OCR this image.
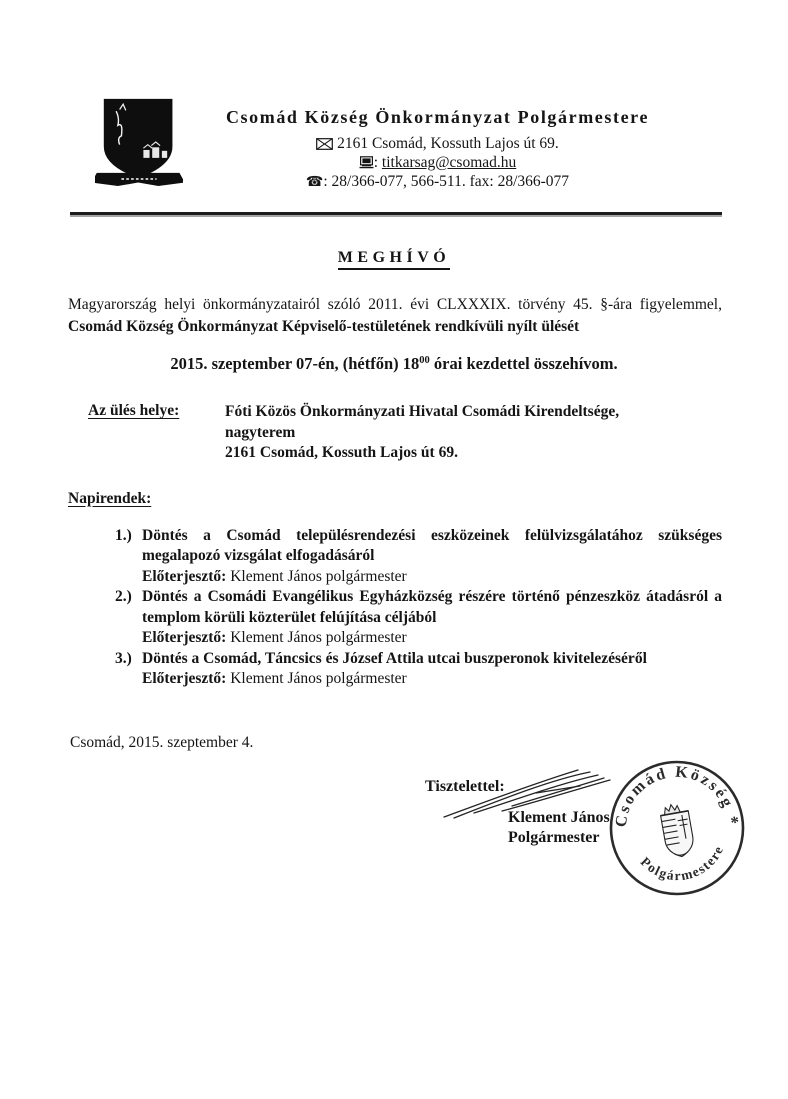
Csomád Község Önkormányzat Polgármestere
2161 Csomád, Kossuth Lajos út 69.
: titkarsag@csomad.hu
☎: 28/366-077, 566-511. fax: 28/366-077
MEGHÍVÓ

Magyarország helyi önkormányzatairól szóló 2011. évi CLXXXIX. törvény 45. §-ára figyelemmel, Csomád Község Önkormányzat Képviselő-testületének rendkívüli nyílt ülését

2015. szeptember 07-én, (hétfőn) $18^{00}$ órai kezdettel összehívom.

Az ülés helye:	Fóti Közös Önkormányzati Hivatal Csomádi Kirendeltsége,
nagyterem
2161 Csomád, Kossuth Lajos út 69.
Napirendek:
1.) Döntés a Csomád településrendezési eszközeinek felülvizsgálatához szükséges megalapozó vizsgálat elfogadásáról
Előterjesztő: Klement János polgármester
2.) Döntés a Csomádi Evangélikus Egyházközség részére történő pénzeszköz átadásról a templom körüli közterület felújítása céljából
Előterjesztő: Klement János polgármester
3.) Döntés a Csomád, Táncsics és József Attila utcai buszperonok kivitelezéséről
Előterjesztő: Klement János polgármester

Csomád, 2015. szeptember 4.

Tisztelettel:

Klement János
Polgármester
Csomád Község
Polgármestere
*
